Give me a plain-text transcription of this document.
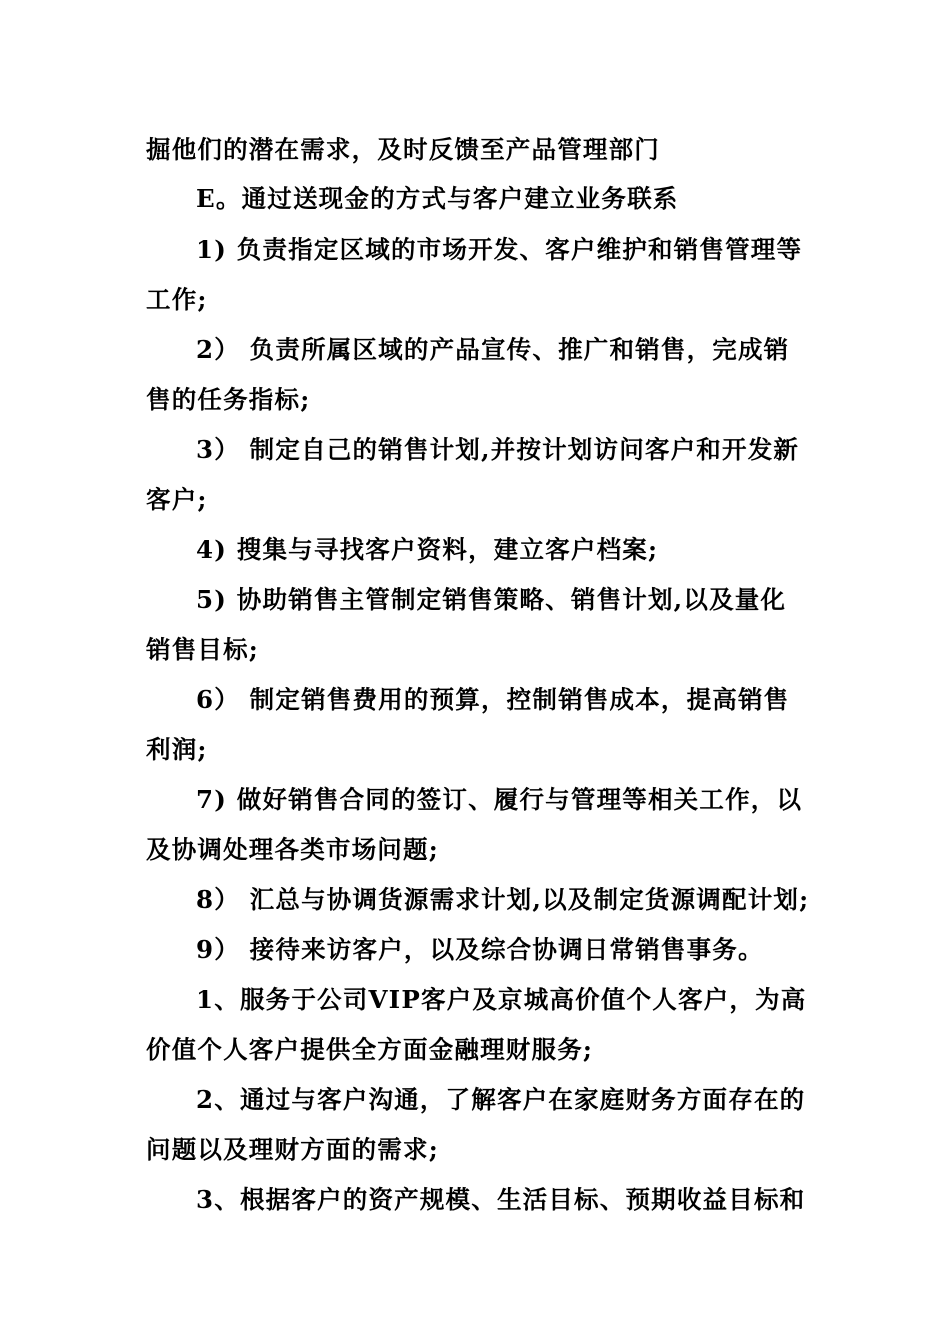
掘他们的潜在需求，及时反馈至产品管理部门
E。通过送现金的方式与客户建立业务联系
1) 负责指定区域的市场开发、客户维护和销售管理等
工作;
2） 负责所属区域的产品宣传、推广和销售，完成销
售的任务指标;
3） 制定自己的销售计划,并按计划访问客户和开发新
客户;
4) 搜集与寻找客户资料，建立客户档案;
5) 协助销售主管制定销售策略、销售计划,以及量化
销售目标;
6） 制定销售费用的预算，控制销售成本，提高销售
利润;
7) 做好销售合同的签订、履行与管理等相关工作，以
及协调处理各类市场问题;
8） 汇总与协调货源需求计划,以及制定货源调配计划;
9） 接待来访客户，以及综合协调日常销售事务。
1、服务于公司VIP客户及京城高价值个人客户，为高
价值个人客户提供全方面金融理财服务;
2、通过与客户沟通，了解客户在家庭财务方面存在的
问题以及理财方面的需求;
3、根据客户的资产规模、生活目标、预期收益目标和
